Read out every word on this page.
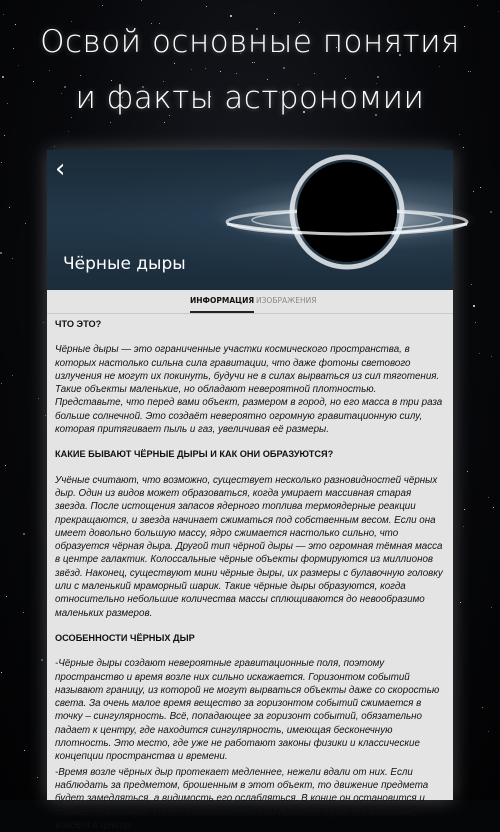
Освой основные понятия
и факты астрономии
‹
Чёрные дыры
ИНФОРМАЦИЯ ИЗОБРАЖЕНИЯ
ЧТО ЭТО?
Чёрные дыры — это ограниченные участки космического пространства, в которых настолько сильна сила гравитации, что даже фотоны светового излучения не могут их покинуть, будучи не в силах вырваться из сил тяготения. Такие объекты маленькие, но обладают невероятной плотностью. Представьте, что перед вами объект, размером в город, но его масса в три раза больше солнечной. Это создаёт невероятно огромную гравитационную силу, которая притягивает пыль и газ, увеличивая её размеры.
КАКИЕ БЫВАЮТ ЧЁРНЫЕ ДЫРЫ И КАК ОНИ ОБРАЗУЮТСЯ?
Учёные считают, что возможно, существует несколько разновидностей чёрных дыр. Один из видов может образоваться, когда умирает массивная старая звезда. После истощения запасов ядерного топлива термоядерные реакции прекращаются, и звезда начинает сжиматься под собственным весом. Если она имеет довольно большую массу, ядро сжимается настолько сильно, что образуется чёрная дыра. Другой тип чёрной дыры — это огромная тёмная масса в центре галактик. Колоссальные чёрные объекты формируются из миллионов звёзд. Наконец, существуют мини чёрные дыры, их размеры с булавочную головку или с маленький мраморный шарик. Такие чёрные дыры образуются, когда относительно небольшие количества массы сплющиваются до невообразимо маленьких размеров.
ОСОБЕННОСТИ ЧЁРНЫХ ДЫР
-Чёрные дыры создают невероятные гравитационные поля, поэтому пространство и время возле них сильно искажается. Горизонтом событий называют границу, из которой не могут вырваться объекты даже со скоростью света. За очень малое время вещество за горизонтом событий сжимается в точку – сингулярность. Всё, попадающее за горизонт событий, обязательно падает к центру, где находится сингулярность, имеющая бесконечную плотность. Это место, где уже не работают законы физики и классические концепции пространства и времени.
-Время возле чёрных дыр протекает медленнее, нежели вдали от них. Если наблюдать за предметом, брошенным в этот объект, то движение предмета будет замедляться, а видимость его ослабляться. В конце он остановится и станет невидимым. Но если наблюдатель сам прыгнет туда, то мгновенно упадёт в центр
